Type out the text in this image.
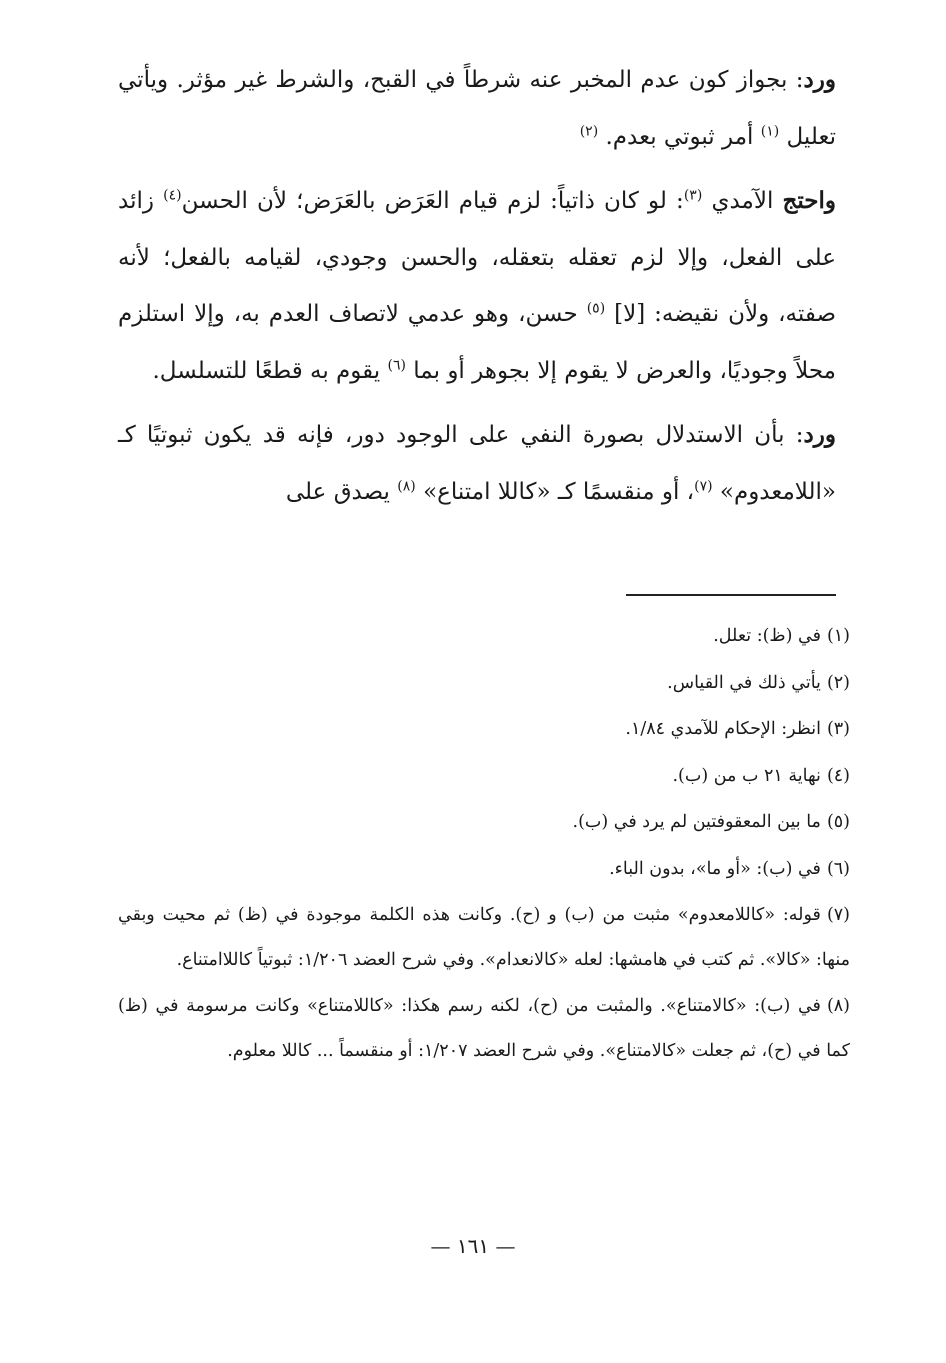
ورد: بجواز كون عدم المخبر عنه شرطاً في القبح، والشرط غير مؤثر. ويأتي تعليل $^{(١)}$ أمر ثبوتي بعدم. $^{(٢)}$

واحتج الآمدي $^{(٣)}$: لو كان ذاتياً: لزم قيام العَرَض بالعَرَض؛ لأن الحسن$^{(٤)}$ زائد على الفعل، وإلا لزم تعقله بتعقله، والحسن وجودي، لقيامه بالفعل؛ لأنه صفته، ولأن نقيضه: [لا] $^{(٥)}$ حسن، وهو عدمي لاتصاف العدم به، وإلا استلزم محلاً وجوديًا، والعرض لا يقوم إلا بجوهر أو بما $^{(٦)}$ يقوم به قطعًا للتسلسل.

ورد: بأن الاستدلال بصورة النفي على الوجود دور، فإنه قد يكون ثبوتيًا كـ «اللامعدوم» $^{(٧)}$، أو منقسمًا كـ «كاللا امتناع» $^{(٨)}$ يصدق على

(١)في (ظ): تعلل.

(٢)يأتي ذلك في القياس.

(٣)انظر: الإحكام للآمدي ١/٨٤.

(٤)نهاية ٢١ ب من (ب).

(٥)ما بين المعقوفتين لم يرد في (ب).

(٦)في (ب): «أو ما»، بدون الباء.

(٧)قوله: «كاللامعدوم» مثبت من (ب) و (ح). وكانت هذه الكلمة موجودة في (ظ) ثم محيت وبقي منها: «كالا». ثم كتب في هامشها: لعله «كالانعدام». وفي شرح العضد ١/٢٠٦: ثبوتياً كاللاامتناع.

(٨)في (ب): «كالامتناع». والمثبت من (ح)، لكنه رسم هكذا: «كاللامتناع» وكانت مرسومة في (ظ) كما في (ح)، ثم جعلت «كالامتناع». وفي شرح العضد ١/٢٠٧: أو منقسماً ... كاللا معلوم.

— ١٦١ —
